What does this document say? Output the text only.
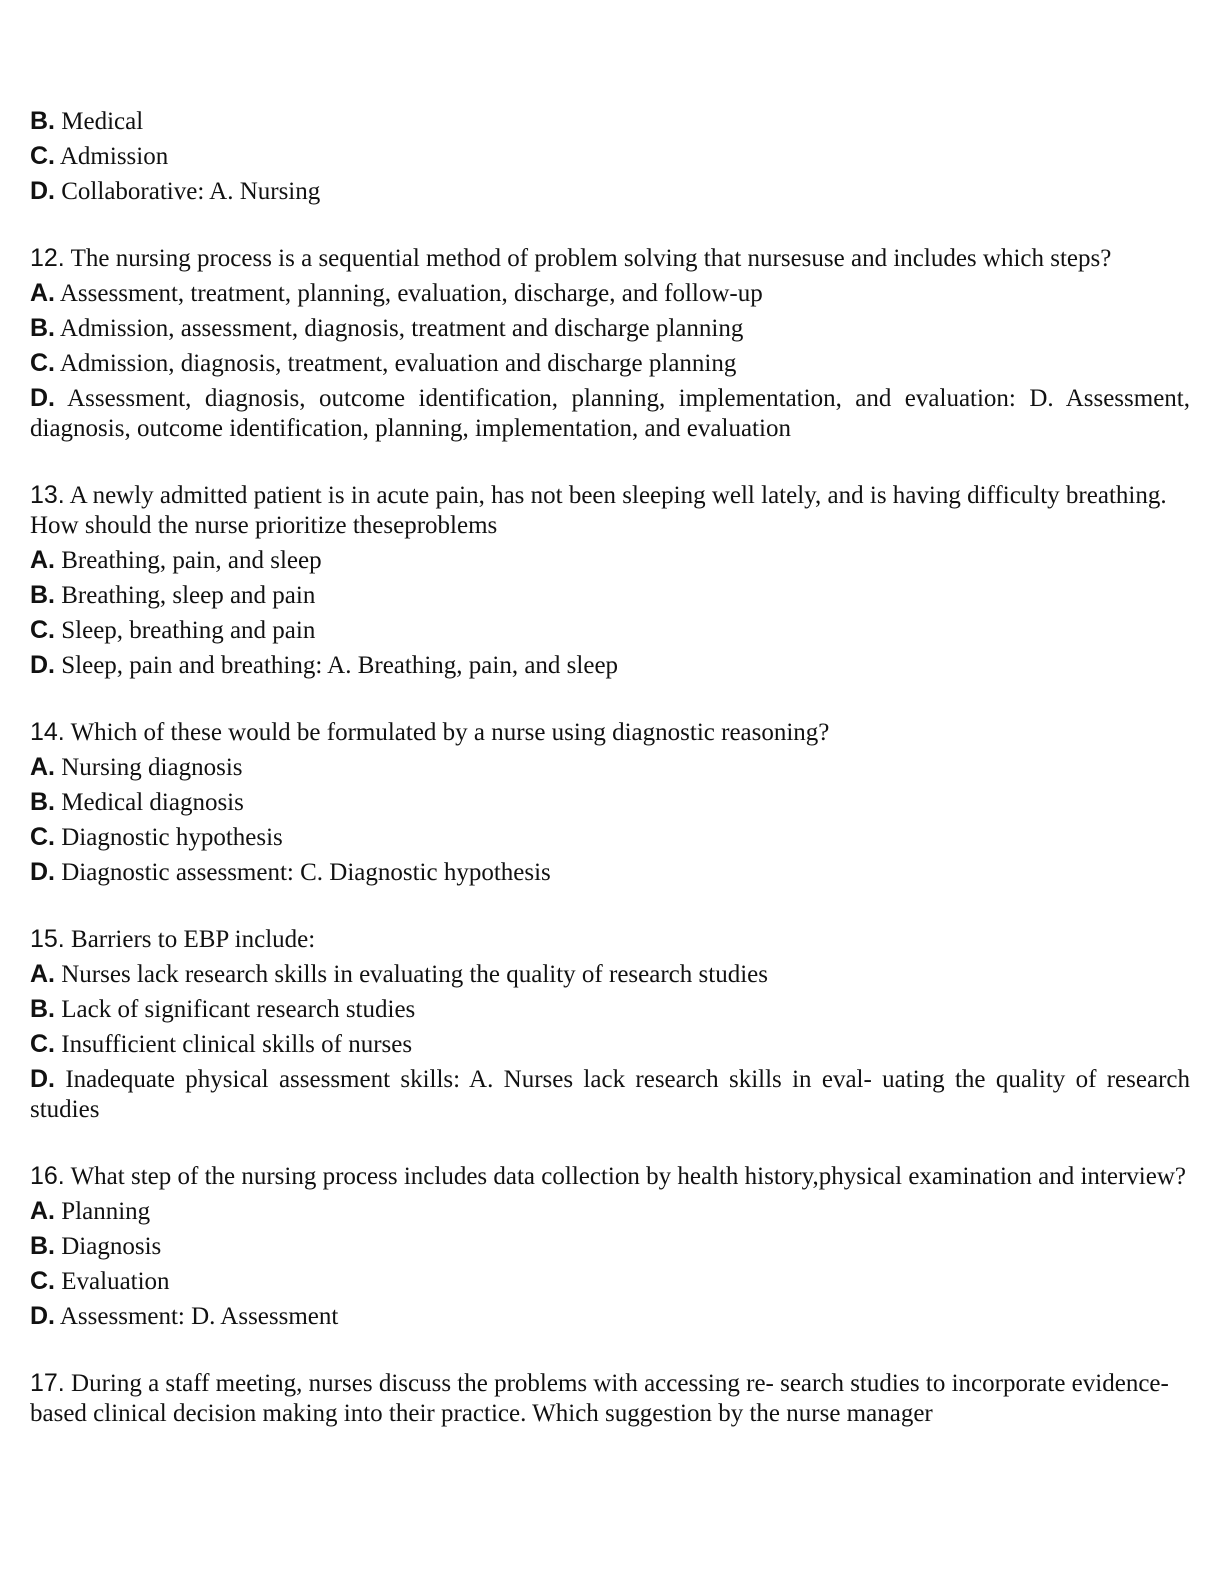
B. Medical
C. Admission
D. Collaborative: A. Nursing
12. The nursing process is a sequential method of problem solving that nursesuse and includes which steps?
A. Assessment, treatment, planning, evaluation, discharge, and follow-up
B. Admission, assessment, diagnosis, treatment and discharge planning
C. Admission, diagnosis, treatment, evaluation and discharge planning
D. Assessment, diagnosis, outcome identification, planning, implementation, and evaluation: D. Assessment, diagnosis, outcome identification, planning, implementation, and evaluation
13. A newly admitted patient is in acute pain, has not been sleeping well lately, and is having difficulty breathing. How should the nurse prioritize theseproblems
A. Breathing, pain, and sleep
B. Breathing, sleep and pain
C. Sleep, breathing and pain
D. Sleep, pain and breathing: A. Breathing, pain, and sleep
14. Which of these would be formulated by a nurse using diagnostic reasoning?
A. Nursing diagnosis
B. Medical diagnosis
C. Diagnostic hypothesis
D. Diagnostic assessment: C. Diagnostic hypothesis
15. Barriers to EBP include:
A. Nurses lack research skills in evaluating the quality of research studies
B. Lack of significant research studies
C. Insufficient clinical skills of nurses
D. Inadequate physical assessment skills: A. Nurses lack research skills in eval- uating the quality of research studies
16. What step of the nursing process includes data collection by health history,physical examination and interview?
A. Planning
B. Diagnosis
C. Evaluation
D. Assessment: D. Assessment
17. During a staff meeting, nurses discuss the problems with accessing re- search studies to incorporate evidence-based clinical decision making into their practice. Which suggestion by the nurse manager
